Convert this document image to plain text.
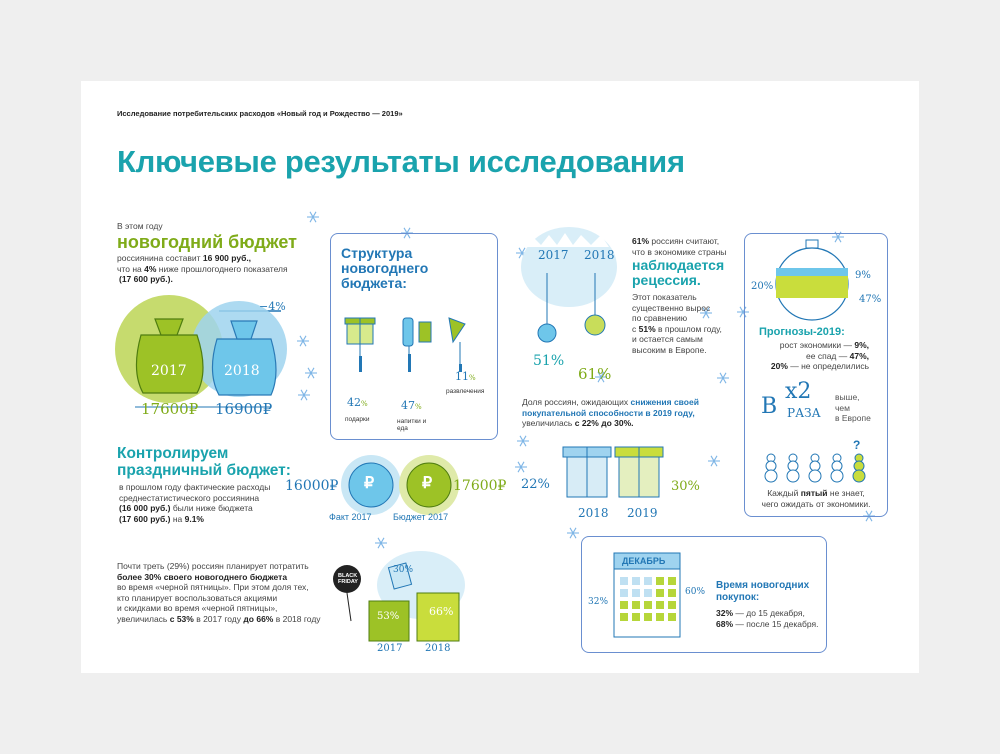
Исследование потребительских расходов «Новый год и Рождество — 2019»
Ключевые результаты исследования
В этом году
новогодний бюджет
россиянина составит 16 900 руб.,
что на 4% ниже прошлогоднего показателя
(17 600 руб.).
−4%
2017	2018
17600₽ 16900₽
Структура
новогоднего
бюджета:
42%
подарки
47%
напитки и еда
11%
развлечения
2017 2018
51%
61%
61% россиян считают,
что в экономике страны
наблюдается
рецессия.
Этот показатель
существенно вырос
по сравнению
с 51% в прошлом году,
и остается самым
высоким в Европе.
20%
9%
47%
Прогнозы-2019:
рост экономики — 9%,
ее спад — 47%,
20% — не определились
В
x2
РАЗА
выше,
чем
в Европе
?
Каждый пятый не знает,
чего ожидать от экономики.
Контролируем
праздничный бюджет:
в прошлом году фактические расходы
среднестатистического россиянина
(16 000 руб.) были ниже бюджета
(17 600 руб.) на 9.1%
₽	₽
16000₽	17600₽
Факт 2017 Бюджет 2017
Доля россиян, ожидающих снижения своей
покупательной способности в 2019 году,
увеличилась с 22% до 30%.
22%	30%
2018 2019
Почти треть (29%) россиян планирует потратить
более 30% своего новогоднего бюджета
во время «черной пятницы». При этом доля тех,
кто планирует воспользоваться акциями
и скидками во время «черной пятницы»,
увеличилась с 53% в 2017 году до 66% в 2018 году
BLACK
FRIDAY
30%
53%	66%
2017 2018
ДЕКАБРЬ
32%
60%
Время новогодних
покупок:
32% — до 15 декабря,
68% — после 15 декабря.
